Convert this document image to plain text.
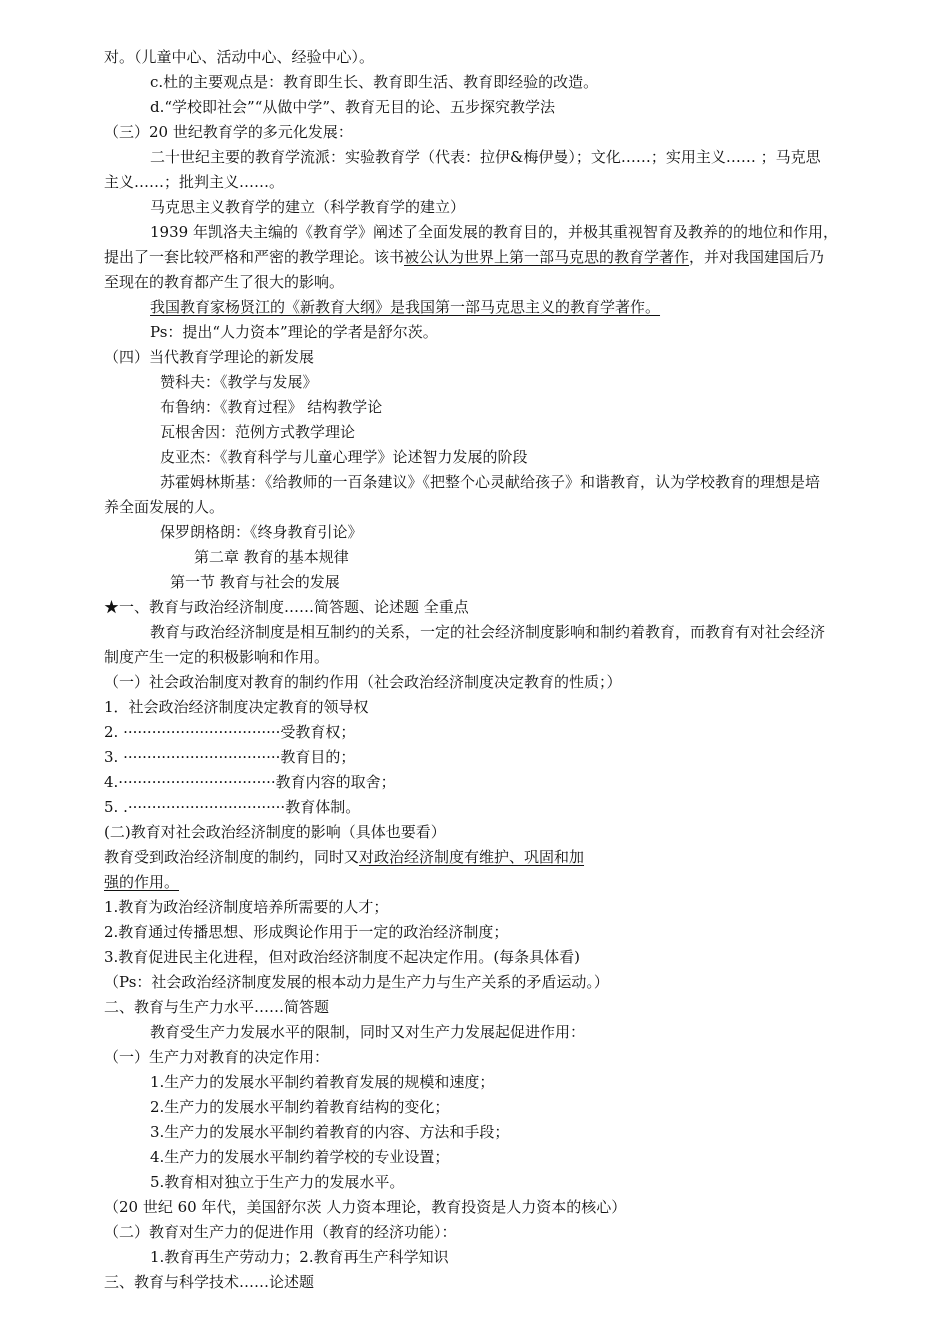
对。（儿童中心、活动中心、经验中心）。
c.杜的主要观点是：教育即生长、教育即生活、教育即经验的改造。
d.“学校即社会”“从做中学”、教育无目的论、五步探究教学法
（三）20 世纪教育学的多元化发展：
二十世纪主要的教育学流派：实验教育学（代表：拉伊&梅伊曼）；文化……；实用主义…… ；马克思
主义……；批判主义……。
马克思主义教育学的建立（科学教育学的建立）
1939 年凯洛夫主编的《教育学》阐述了全面发展的教育目的，并极其重视智育及教养的的地位和作用，
提出了一套比较严格和严密的教学理论。该书被公认为世界上第一部马克思的教育学著作，并对我国建国后乃
至现在的教育都产生了很大的影响。
我国教育家杨贤江的《新教育大纲》是我国第一部马克思主义的教育学著作。
Ps：提出“人力资本”理论的学者是舒尔茨。
（四）当代教育学理论的新发展
赞科夫：《教学与发展》
布鲁纳：《教育过程》 结构教学论
瓦根舍因：范例方式教学理论
皮亚杰：《教育科学与儿童心理学》论述智力发展的阶段
苏霍姆林斯基：《给教师的一百条建议》《把整个心灵献给孩子》和谐教育，认为学校教育的理想是培
养全面发展的人。
保罗朗格朗：《终身教育引论》
第二章 教育的基本规律
第一节 教育与社会的发展
★一、教育与政治经济制度……简答题、论述题 全重点
教育与政治经济制度是相互制约的关系，一定的社会经济制度影响和制约着教育，而教育有对社会经济
制度产生一定的积极影响和作用。
（一）社会政治制度对教育的制约作用（社会政治经济制度决定教育的性质；）
1．社会政治经济制度决定教育的领导权
2. ·································受教育权；
3. ·································教育目的；
4.·································教育内容的取舍；
5. .·································教育体制。
(二)教育对社会政治经济制度的影响（具体也要看）
教育受到政治经济制度的制约，同时又对政治经济制度有维护、巩固和加
强的作用。
1.教育为政治经济制度培养所需要的人才；
2.教育通过传播思想、形成舆论作用于一定的政治经济制度；
3.教育促进民主化进程，但对政治经济制度不起决定作用。(每条具体看)
（Ps：社会政治经济制度发展的根本动力是生产力与生产关系的矛盾运动。）
二、教育与生产力水平……简答题
教育受生产力发展水平的限制，同时又对生产力发展起促进作用：
（一）生产力对教育的决定作用：
1.生产力的发展水平制约着教育发展的规模和速度；
2.生产力的发展水平制约着教育结构的变化；
3.生产力的发展水平制约着教育的内容、方法和手段；
4.生产力的发展水平制约着学校的专业设置；
5.教育相对独立于生产力的发展水平。
（20 世纪 60 年代，美国舒尔茨 人力资本理论，教育投资是人力资本的核心）
（二）教育对生产力的促进作用（教育的经济功能）：
1.教育再生产劳动力；2.教育再生产科学知识
三、教育与科学技术……论述题
